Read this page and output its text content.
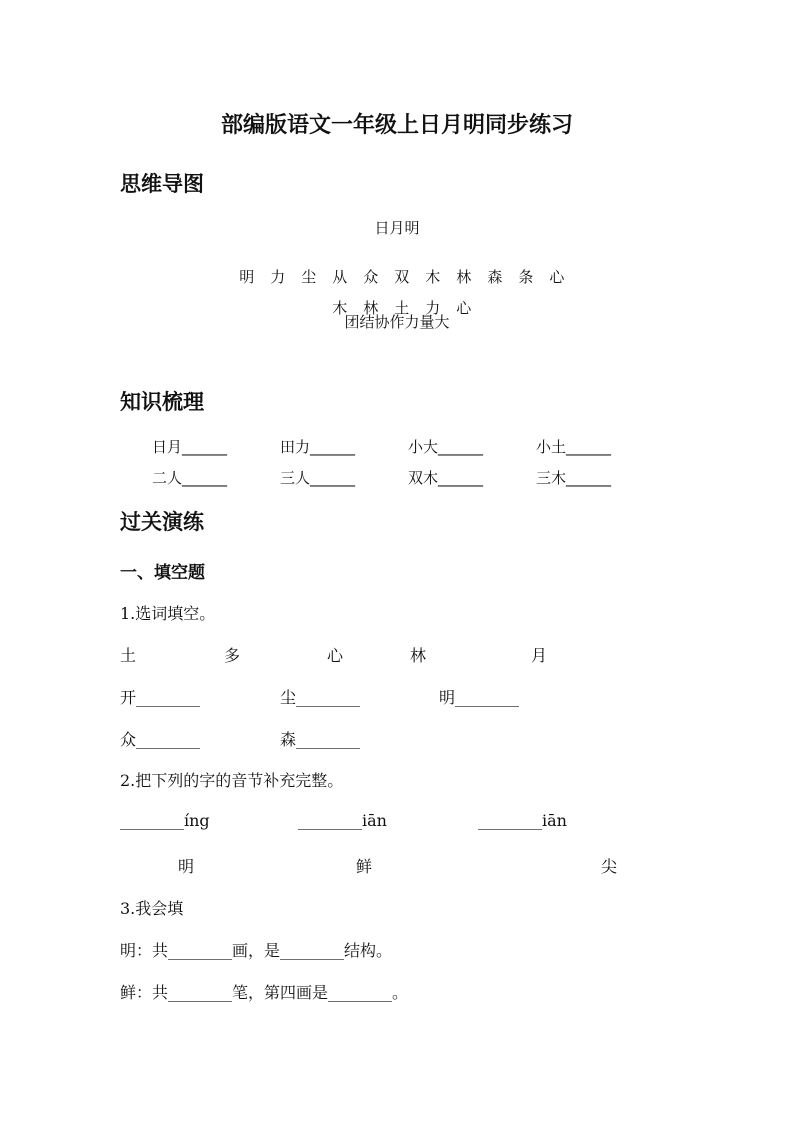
部编版语文一年级上日月明同步练习
思维导图
日月明

明 力 尘 从 众 双 木 林 森 条 心

木 林 土 力 心

团结协作力量大
知识梳理
日月______	田力______	小大______	小土______
二人______	三人______	双木______	三木______
过关演练
一、填空题
1.选词填空。
土	多	心	林	月
开________	尘________	明________
众________	森________
2.把下列的字的音节补充完整。
________íng	________iān	________iān
明	鲜	尖
3.我会填
明：共________画，是________结构。
鲜：共________笔，第四画是________。
